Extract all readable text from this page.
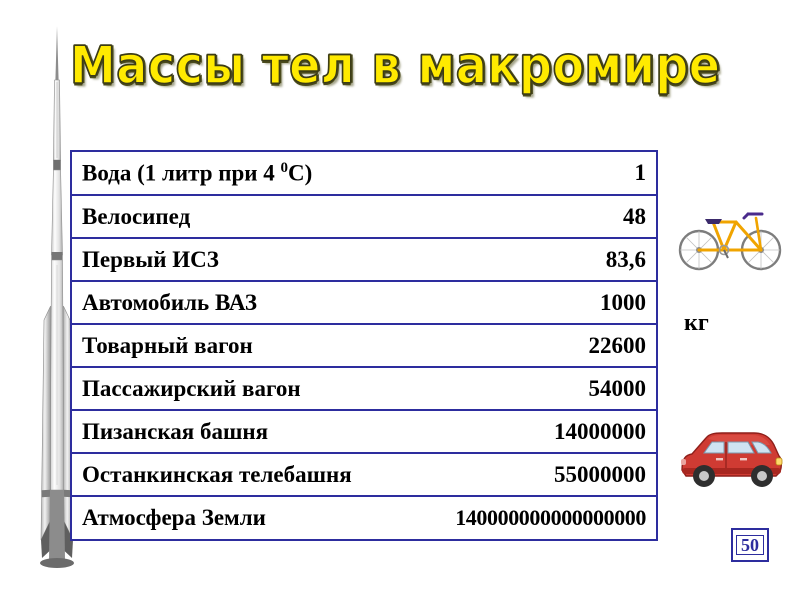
Массы тел в макромире
Вода (1 литр при 4 $^0$С)	1
Велосипед	48
Первый ИСЗ	83,6
Автомобиль ВАЗ	1000
Товарный вагон	22600
Пассажирский вагон	54000
Пизанская башня	14000000
Останкинская телебашня	55000000
Атмосфера Земли	140000000000000000
кг
50
